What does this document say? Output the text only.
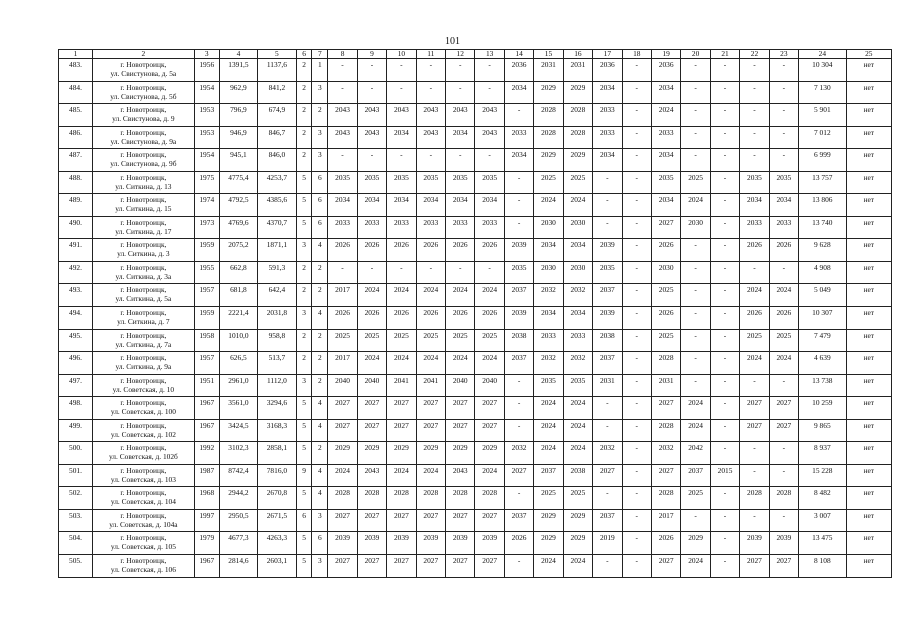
101
1	2	3	4	5	6	7	8	9	10	11	12	13	14	15	16	17	18	19	20	21	22	23	24	25
483.	г. Новотроицк,
ул. Свистунова, д. 5а	1956	1391,5	1137,6	2	1	-	-	-	-	-	-	2036	2031	2031	2036	-	2036	-	-	-	-	10 304	нет
484.	г. Новотроицк,
ул. Свистунова, д. 5б	1954	962,9	841,2	2	3	-	-	-	-	-	-	2034	2029	2029	2034	-	2034	-	-	-	-	7 130	нет
485.	г. Новотроицк,
ул. Свистунова, д. 9	1953	796,9	674,9	2	2	2043	2043	2043	2043	2043	2043	-	2028	2028	2033	-	2024	-	-	-	-	5 901	нет
486.	г. Новотроицк,
ул. Свистунова, д. 9а	1953	946,9	846,7	2	3	2043	2043	2034	2043	2034	2043	2033	2028	2028	2033	-	2033	-	-	-	-	7 012	нет
487.	г. Новотроицк,
ул. Свистунова, д. 9б	1954	945,1	846,0	2	3	-	-	-	-	-	-	2034	2029	2029	2034	-	2034	-	-	-	-	6 999	нет
488.	г. Новотроицк,
ул. Ситкина, д. 13	1975	4775,4	4253,7	5	6	2035	2035	2035	2035	2035	2035	-	2025	2025	-	-	2035	2025	-	2035	2035	13 757	нет
489.	г. Новотроицк,
ул. Ситкина, д. 15	1974	4792,5	4385,6	5	6	2034	2034	2034	2034	2034	2034	-	2024	2024	-	-	2034	2024	-	2034	2034	13 806	нет
490.	г. Новотроицк,
ул. Ситкина, д. 17	1973	4769,6	4370,7	5	6	2033	2033	2033	2033	2033	2033	-	2030	2030	-	-	2027	2030	-	2033	2033	13 740	нет
491.	г. Новотроицк,
ул. Ситкина, д. 3	1959	2075,2	1871,1	3	4	2026	2026	2026	2026	2026	2026	2039	2034	2034	2039	-	2026	-	-	2026	2026	9 628	нет
492.	г. Новотроицк,
ул. Ситкина, д. 3а	1955	662,8	591,3	2	2	-	-	-	-	-	-	2035	2030	2030	2035	-	2030	-	-	-	-	4 908	нет
493.	г. Новотроицк,
ул. Ситкина, д. 5а	1957	681,8	642,4	2	2	2017	2024	2024	2024	2024	2024	2037	2032	2032	2037	-	2025	-	-	2024	2024	5 049	нет
494.	г. Новотроицк,
ул. Ситкина, д. 7	1959	2221,4	2031,8	3	4	2026	2026	2026	2026	2026	2026	2039	2034	2034	2039	-	2026	-	-	2026	2026	10 307	нет
495.	г. Новотроицк,
ул. Ситкина, д. 7а	1958	1010,0	958,8	2	2	2025	2025	2025	2025	2025	2025	2038	2033	2033	2038	-	2025	-	-	2025	2025	7 479	нет
496.	г. Новотроицк,
ул. Ситкина, д. 9а	1957	626,5	513,7	2	2	2017	2024	2024	2024	2024	2024	2037	2032	2032	2037	-	2028	-	-	2024	2024	4 639	нет
497.	г. Новотроицк,
ул. Советская, д. 10	1951	2961,0	1112,0	3	2	2040	2040	2041	2041	2040	2040	-	2035	2035	2031	-	2031	-	-	-	-	13 738	нет
498.	г. Новотроицк,
ул. Советская, д. 100	1967	3561,0	3294,6	5	4	2027	2027	2027	2027	2027	2027	-	2024	2024	-	-	2027	2024	-	2027	2027	10 259	нет
499.	г. Новотроицк,
ул. Советская, д. 102	1967	3424,5	3168,3	5	4	2027	2027	2027	2027	2027	2027	-	2024	2024	-	-	2028	2024	-	2027	2027	9 865	нет
500.	г. Новотроицк,
ул. Советская, д. 102б	1992	3102,3	2858,1	5	2	2029	2029	2029	2029	2029	2029	2032	2024	2024	2032	-	2032	2042	-	-	-	8 937	нет
501.	г. Новотроицк,
ул. Советская, д. 103	1987	8742,4	7816,0	9	4	2024	2043	2024	2024	2043	2024	2027	2037	2038	2027	-	2027	2037	2015	-	-	15 228	нет
502.	г. Новотроицк,
ул. Советская, д. 104	1968	2944,2	2670,8	5	4	2028	2028	2028	2028	2028	2028	-	2025	2025	-	-	2028	2025	-	2028	2028	8 482	нет
503.	г. Новотроицк,
ул. Советская, д. 104а	1997	2950,5	2671,5	6	3	2027	2027	2027	2027	2027	2027	2037	2029	2029	2037	-	2017	-	-	-	-	3 007	нет
504.	г. Новотроицк,
ул. Советская, д. 105	1979	4677,3	4263,3	5	6	2039	2039	2039	2039	2039	2039	2026	2029	2029	2019	-	2026	2029	-	2039	2039	13 475	нет
505.	г. Новотроицк,
ул. Советская, д. 106	1967	2814,6	2603,1	5	3	2027	2027	2027	2027	2027	2027	-	2024	2024	-	-	2027	2024	-	2027	2027	8 108	нет
